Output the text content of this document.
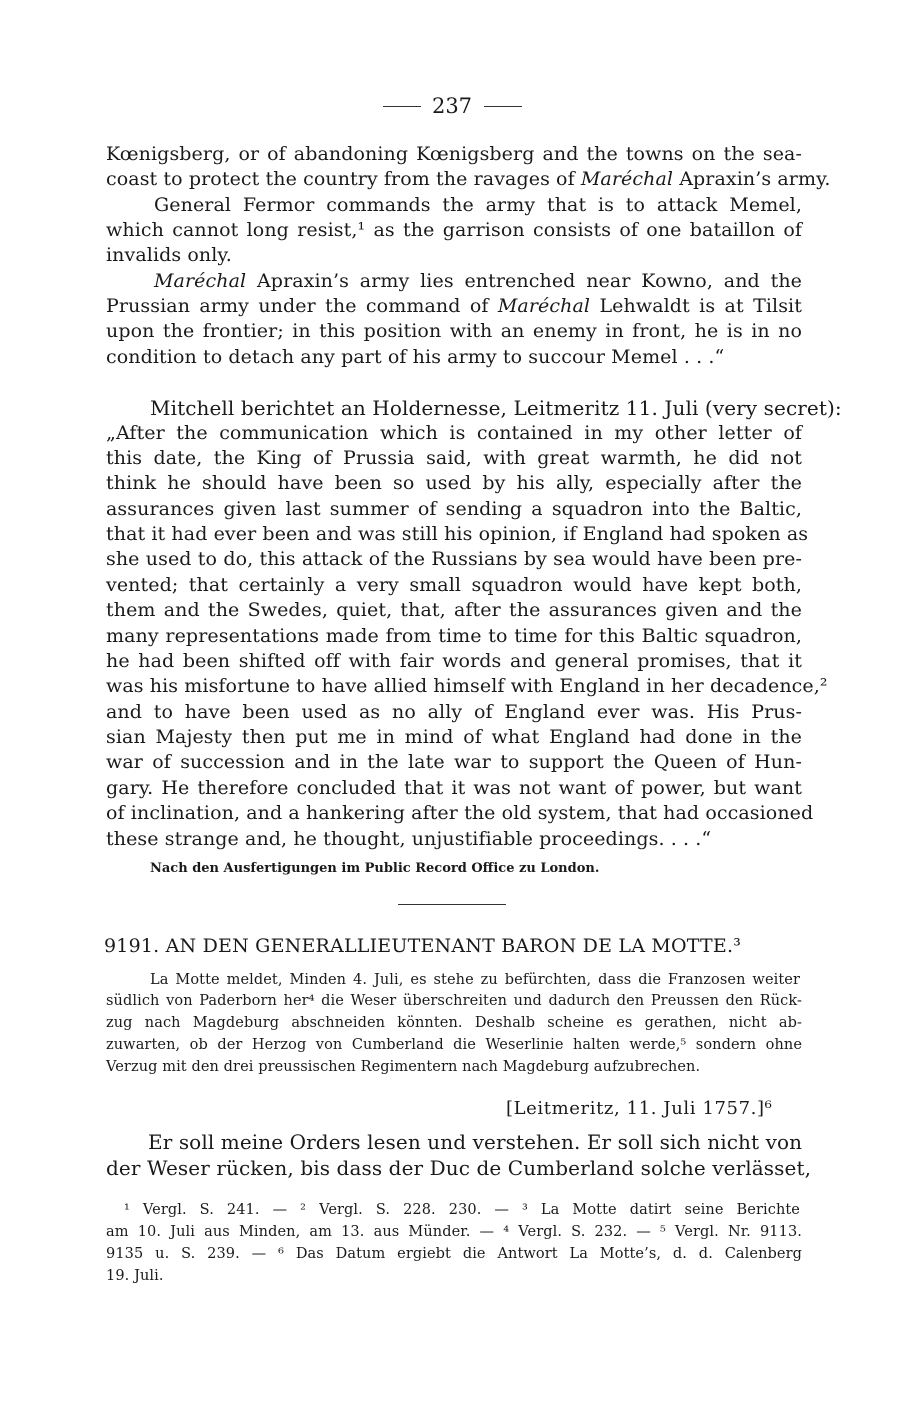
237
Kœnigsberg, or of abandoning Kœnigsberg and the towns on the sea-
coast to protect the country from the ravages of Maréchal Apraxin’s army.
General Fermor commands the army that is to attack Memel,
which cannot long resist,¹ as the garrison consists of one bataillon of
invalids only.
Maréchal Apraxin’s army lies entrenched near Kowno, and the
Prussian army under the command of Maréchal Lehwaldt is at Tilsit
upon the frontier; in this position with an enemy in front, he is in no
condition to detach any part of his army to succour Memel . . .“
Mitchell berichtet an Holdernesse, Leitmeritz 11. Juli (very secret):
„After the communication which is contained in my other letter of
this date, the King of Prussia said, with great warmth, he did not
think he should have been so used by his ally, especially after the
assurances given last summer of sending a squadron into the Baltic,
that it had ever been and was still his opinion, if England had spoken as
she used to do, this attack of the Russians by sea would have been pre-
vented; that certainly a very small squadron would have kept both,
them and the Swedes, quiet, that, after the assurances given and the
many representations made from time to time for this Baltic squadron,
he had been shifted off with fair words and general promises, that it
was his misfortune to have allied himself with England in her decadence,²
and to have been used as no ally of England ever was. His Prus-
sian Majesty then put me in mind of what England had done in the
war of succession and in the late war to support the Queen of Hun-
gary. He therefore concluded that it was not want of power, but want
of inclination, and a hankering after the old system, that had occasioned
these strange and, he thought, unjustifiable proceedings. . . .“
Nach den Ausfertigungen im Public Record Office zu London.
9191. AN DEN GENERALLIEUTENANT BARON DE LA MOTTE.³
La Motte meldet, Minden 4. Juli, es stehe zu befürchten, dass die Franzosen weiter
südlich von Paderborn her⁴ die Weser überschreiten und dadurch den Preussen den Rück-
zug nach Magdeburg abschneiden könnten. Deshalb scheine es gerathen, nicht ab-
zuwarten, ob der Herzog von Cumberland die Weserlinie halten werde,⁵ sondern ohne
Verzug mit den drei preussischen Regimentern nach Magdeburg aufzubrechen.
[Leitmeritz, 11. Juli 1757.]⁶
Er soll meine Orders lesen und verstehen. Er soll sich nicht von
der Weser rücken, bis dass der Duc de Cumberland solche verlässet,
¹ Vergl. S. 241. — ² Vergl. S. 228. 230. — ³ La Motte datirt seine Berichte
am 10. Juli aus Minden, am 13. aus Münder. — ⁴ Vergl. S. 232. — ⁵ Vergl. Nr. 9113.
9135 u. S. 239. — ⁶ Das Datum ergiebt die Antwort La Motte’s, d. d. Calenberg
19. Juli.
